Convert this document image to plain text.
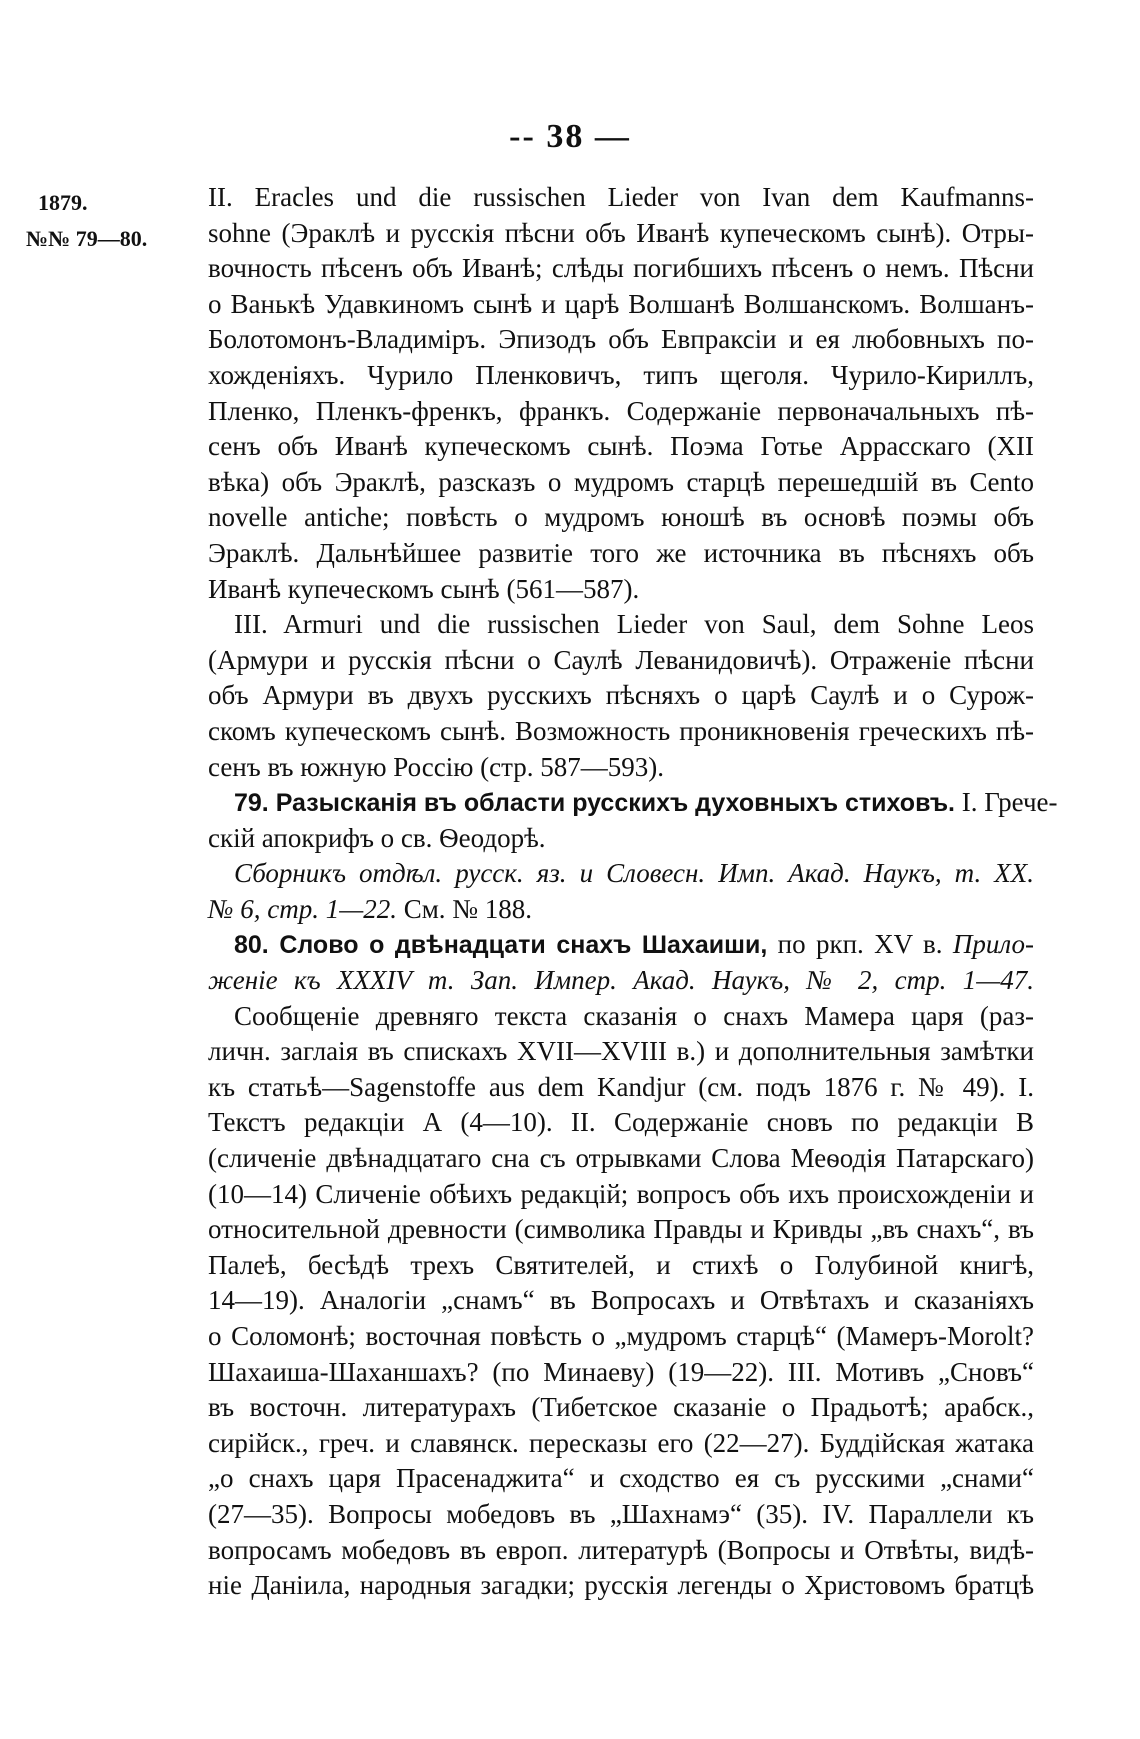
-- 38 —
1879.
№№ 79—80.
II. Eracles und die russischen Lieder von Ivan dem Kaufmanns-
sohne (Эраклѣ и русскія пѣсни объ Иванѣ купеческомъ сынѣ). Отры-
вочность пѣсенъ объ Иванѣ; слѣды погибшихъ пѣсенъ о немъ. Пѣсни
о Ванькѣ Удавкиномъ сынѣ и царѣ Волшанѣ Волшанскомъ. Волшанъ-
Болотомонъ-Владиміръ. Эпизодъ объ Евпраксіи и ея любовныхъ по-
хожденіяхъ. Чурило Пленковичъ, типъ щеголя. Чурило-Кириллъ,
Пленко, Пленкъ-френкъ, франкъ. Содержаніе первоначальныхъ пѣ-
сенъ объ Иванѣ купеческомъ сынѣ. Поэма Готье Аррасскаго (XII
вѣка) объ Эраклѣ, разсказъ о мудромъ старцѣ перешедшій въ Cento
novelle antiche; повѣсть о мудромъ юношѣ въ основѣ поэмы объ
Эраклѣ. Дальнѣйшее развитіе того же источника въ пѣсняхъ объ
Иванѣ купеческомъ сынѣ (561—587).
III. Armuri und die russischen Lieder von Saul, dem Sohne Leos
(Армури и русскія пѣсни о Саулѣ Леванидовичѣ). Отраженіе пѣсни
объ Армури въ двухъ русскихъ пѣсняхъ о царѣ Саулѣ и о Сурож-
скомъ купеческомъ сынѣ. Возможность проникновенія греческихъ пѣ-
сенъ въ южную Россію (стр. 587—593).
79. Разысканія въ области русскихъ духовныхъ стиховъ. I. Грече-
скій апокрифъ о св. Ѳеодорѣ.
Сборникъ отдѣл. русск. яз. и Словесн. Имп. Акад. Наукъ, т. XX.
№ 6, стр. 1—22. См. № 188.
80. Слово о двѣнадцати снахъ Шахаиши, по ркп. XV в. Прило-
женіе къ XXXIV т. Зап. Импер. Акад. Наукъ, № 2, стр. 1—47.
Сообщеніе древняго текста сказанія о снахъ Мамера царя (раз-
личн. заглаія въ спискахъ XVII—XVIII в.) и дополнительныя замѣтки
къ статьѣ—Sagenstoffe aus dem Kandjur (см. подъ 1876 г. № 49). I.
Текстъ редакціи А (4—10). II. Содержаніе сновъ по редакціи В
(сличеніе двѣнадцатаго сна съ отрывками Слова Меѳодія Патарскаго)
(10—14) Сличеніе обѣихъ редакцій; вопросъ объ ихъ происхожденіи и
относительной древности (символика Правды и Кривды „въ снахъ“, въ
Палеѣ, бесѣдѣ трехъ Святителей, и стихѣ о Голубиной книгѣ,
14—19). Аналогіи „снамъ“ въ Вопросахъ и Отвѣтахъ и сказаніяхъ
о Соломонѣ; восточная повѣсть о „мудромъ старцѣ“ (Мамеръ-Morolt?
Шахаиша-Шаханшахъ? (по Минаеву) (19—22). III. Мотивъ „Сновъ“
въ восточн. литературахъ (Тибетское сказаніе о Прадьотѣ; арабск.,
сирійск., греч. и славянск. пересказы его (22—27). Буддійская жатака
„о снахъ царя Прасенаджита“ и сходство ея съ русскими „снами“
(27—35). Вопросы мобедовъ въ „Шахнамэ“ (35). IV. Параллели къ
вопросамъ мобедовъ въ европ. литературѣ (Вопросы и Отвѣты, видѣ-
ніе Даніила, народныя загадки; русскія легенды о Христовомъ братцѣ
